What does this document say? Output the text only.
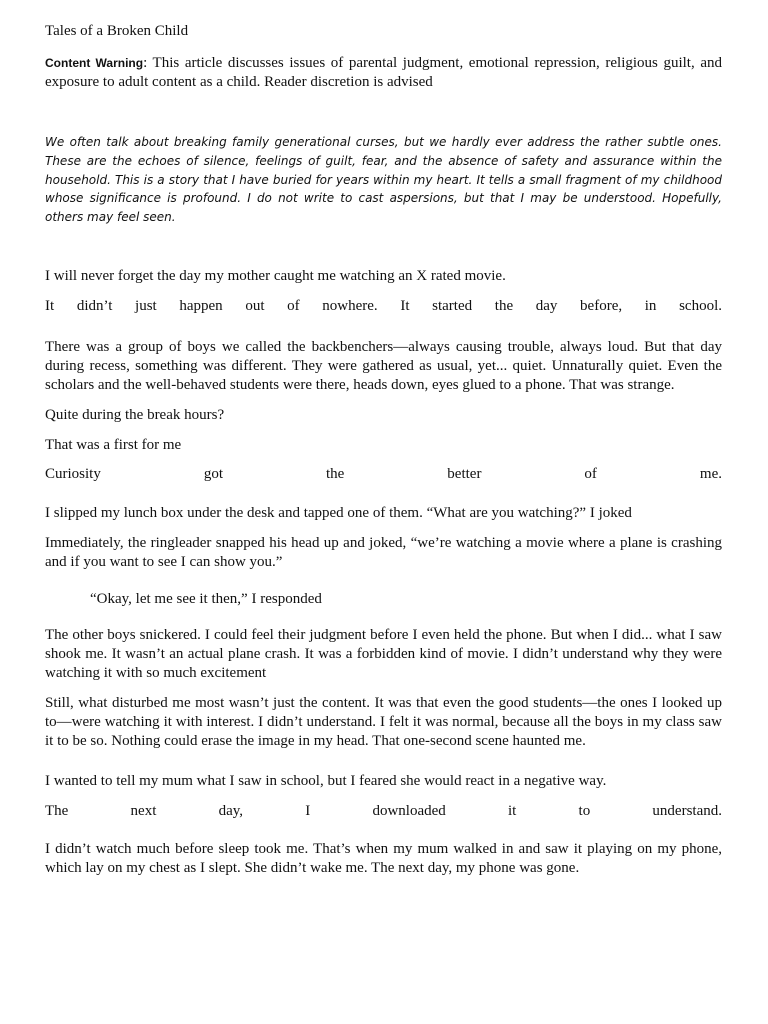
Tales of a Broken Child

Content Warning: This article discusses issues of parental judgment, emotional repression, religious guilt, and exposure to adult content as a child. Reader discretion is advised

We often talk about breaking family generational curses, but we hardly ever address the rather subtle ones. These are the echoes of silence, feelings of guilt, fear, and the absence of safety and assurance within the household. This is a story that I have buried for years within my heart. It tells a small fragment of my childhood whose significance is profound. I do not write to cast aspersions, but that I may be understood. Hopefully, others may feel seen.

I will never forget the day my mother caught me watching an X rated movie.

It didn’t just happen out of nowhere. It started the day before, in school.

There was a group of boys we called the backbenchers—always causing trouble, always loud. But that day during recess, something was different. They were gathered as usual, yet... quiet. Unnaturally quiet. Even the scholars and the well-behaved students were there, heads down, eyes glued to a phone. That was strange.

Quite during the break hours?

That was a first for me

Curiosity got the better of me.

I slipped my lunch box under the desk and tapped one of them. “What are you watching?” I joked

Immediately, the ringleader snapped his head up and joked, “we’re watching a movie where a plane is crashing and if you want to see I can show you.”

“Okay, let me see it then,” I responded

The other boys snickered. I could feel their judgment before I even held the phone. But when I did... what I saw shook me. It wasn’t an actual plane crash. It was a forbidden kind of movie. I didn’t understand why they were watching it with so much excitement

Still, what disturbed me most wasn’t just the content. It was that even the good students—the ones I looked up to—were watching it with interest. I didn’t understand. I felt it was normal, because all the boys in my class saw it to be so. Nothing could erase the image in my head. That one-second scene haunted me.

I wanted to tell my mum what I saw in school, but I feared she would react in a negative way.

The next day, I downloaded it to understand.

I didn’t watch much before sleep took me. That’s when my mum walked in and saw it playing on my phone, which lay on my chest as I slept. She didn’t wake me. The next day, my phone was gone.
